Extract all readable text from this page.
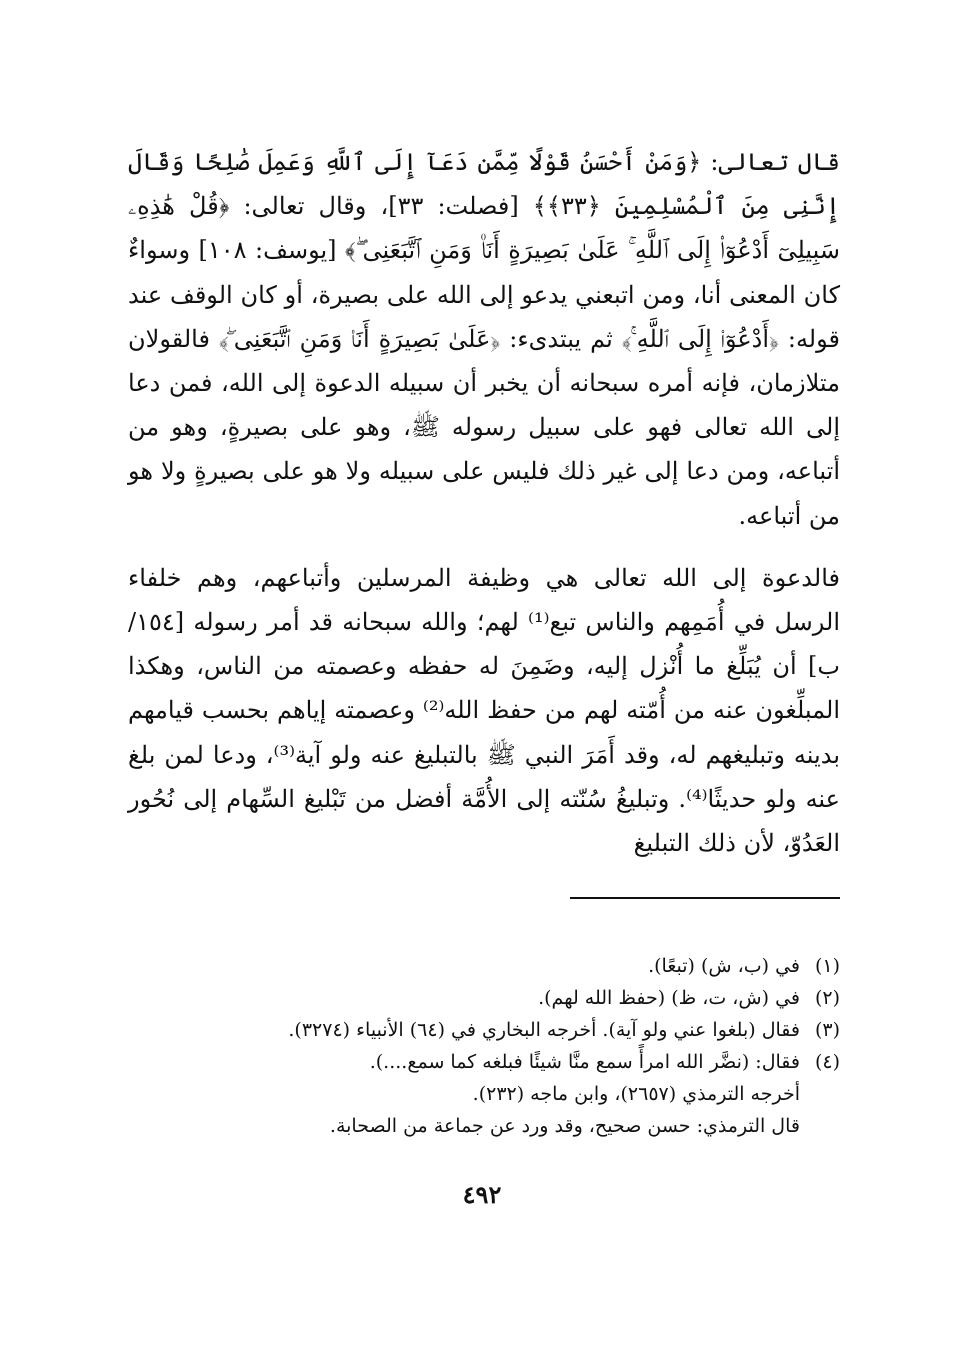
قال تعالى: ﴿وَمَنْ أَحْسَنُ قَوْلًا مِّمَّن دَعَآ إِلَى ٱللَّهِ وَعَمِلَ صَٰلِحًا وَقَالَ إِنَّنِى مِنَ ٱلْمُسْلِمِينَ ﴿٣٣﴾﴾ [فصلت: ٣٣]، وقال تعالى: ﴿قُلْ هَٰذِهِۦ سَبِيلِىٓ أَدْعُوٓا۟ إِلَى ٱللَّهِ ۚ عَلَىٰ بَصِيرَةٍ أَنَا۠ وَمَنِ ٱتَّبَعَنِى ۖ﴾ [يوسف: ١٠٨] وسواءٌ كان المعنى أنا، ومن اتبعني يدعو إلى الله على بصيرة، أو كان الوقف عند قوله: ﴿أَدْعُوٓا۟ إِلَى ٱللَّهِ ۚ﴾ ثم يبتدىء: ﴿عَلَىٰ بَصِيرَةٍ أَنَا۠ وَمَنِ ٱتَّبَعَنِى ۖ﴾ فالقولان متلازمان، فإنه أمره سبحانه أن يخبر أن سبيله الدعوة إلى الله، فمن دعا إلى الله تعالى فهو على سبيل رسوله ﷺ، وهو على بصيرةٍ، وهو من أتباعه، ومن دعا إلى غير ذلك فليس على سبيله ولا هو على بصيرةٍ ولا هو من أتباعه.

فالدعوة إلى الله تعالى هي وظيفة المرسلين وأتباعهم، وهم خلفاء الرسل في أُمَمِهم والناس تبع⁽¹⁾ لهم؛ والله سبحانه قد أمر رسوله [١٥٤/ب] أن يُبَلِّغ ما أُنْزل إليه، وضَمِنَ له حفظه وعصمته من الناس، وهكذا المبلِّغون عنه من أُمّته لهم من حفظ الله⁽²⁾ وعصمته إياهم بحسب قيامهم بدينه وتبليغهم له، وقد أَمَرَ النبي ﷺ بالتبليغ عنه ولو آية⁽³⁾، ودعا لمن بلغ عنه ولو حديثًا⁽⁴⁾. وتبليغُ سُنّته إلى الأُمَّة أفضل من تَبْليغ السِّهام إلى نُحُور العَدُوّ، لأن ذلك التبليغ

(١)
في (ب، ش) (تبعًا).
(٢)
في (ش، ت، ظ) (حفظ الله لهم).
(٣)
فقال (بلغوا عني ولو آية). أخرجه البخاري في (٦٤) الأنبياء (٣٢٧٤).
(٤)
فقال: (نضَّر الله امرأً سمع منَّا شيئًا فبلغه كما سمع....).
أخرجه الترمذي (٢٦٥٧)، وابن ماجه (٢٣٢).
قال الترمذي: حسن صحيح، وقد ورد عن جماعة من الصحابة.
٤٩٢
